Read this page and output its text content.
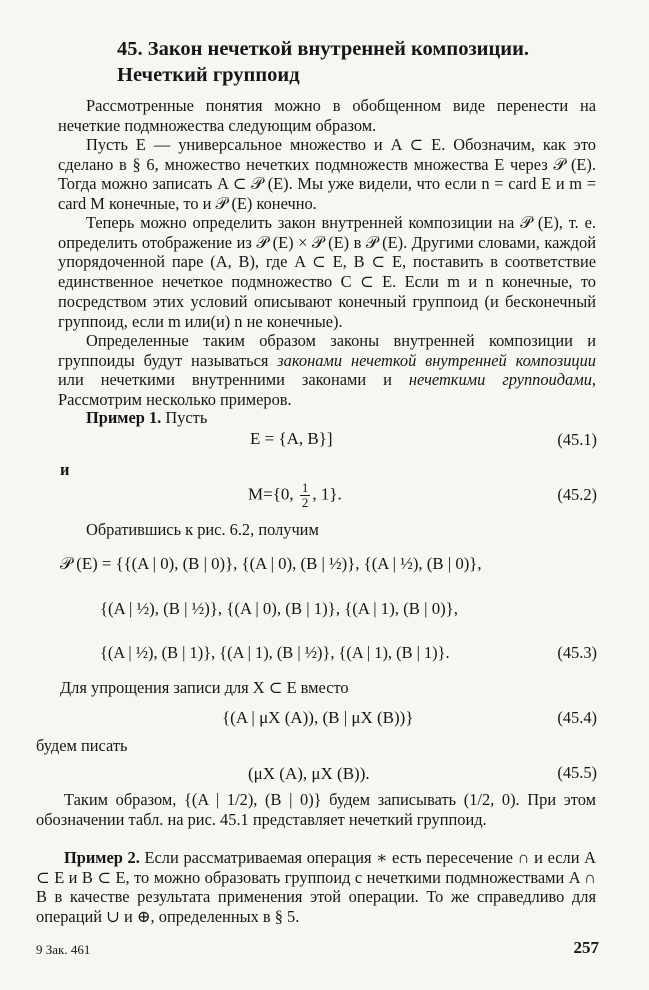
45. Закон нечеткой внутренней композиции.
Нечеткий группоид
Рассмотренные понятия можно в обобщенном виде перенести на нечеткие подмножества следующим образом.
Пусть E — универсальное множество и A ⊂ E. Обозначим, как это сделано в § 6, множество нечетких подмножеств множества E через 𝒫 (E). Тогда можно записать A ⊂ 𝒫 (E). Мы уже видели, что если n = card E и m = card M конечные, то и 𝒫 (E) конечно.
Теперь можно определить закон внутренней композиции на 𝒫 (E), т. е. определить отображение из 𝒫 (E) × 𝒫 (E) в 𝒫 (E). Другими словами, каждой упорядоченной паре (A, B), где A ⊂ E, B ⊂ E, поставить в соответствие единственное нечеткое подмножество C ⊂ E. Если m и n конечные, то посредством этих условий описывают конечный группоид (и бесконечный группоид, если m или(и) n не конечные).
Определенные таким образом законы внутренней композиции и группоиды будут называться законами нечеткой внутренней композиции или нечеткими внутренними законами и нечеткими группоидами, Рассмотрим несколько примеров.
Пример 1. Пусть
E = {A, B}]	(45.1)
и
M={0, $\frac{1}{2}$ , 1}.	(45.2)
Обратившись к рис. 6.2, получим
𝒫 (E) = {{(A | 0), (B | 0)}, {(A | 0), (B | ½)}, {(A | ½), (B | 0)},
{(A | ½), (B | ½)}, {(A | 0), (B | 1)}, {(A | 1), (B | 0)},
{(A | ½), (B | 1)}, {(A | 1), (B | ½)}, {(A | 1), (B | 1)}.	(45.3)
Для упрощения записи для X ⊂ E вместо
{(A | μX (A)), (B | μX (B))}	(45.4)
будем писать
(μX (A), μX (B)).	(45.5)
Таким образом, {(A | 1/2), (B | 0)} будем записывать (1/2, 0). При этом обозначении табл. на рис. 45.1 представляет нечеткий группоид.
Пример 2. Если рассматриваемая операция ∗ есть пересечение ∩ и если A ⊂ E и B ⊂ E, то можно образовать группоид с нечеткими подмножествами A ∩ B в качестве результата применения этой операции. То же справедливо для операций ∪ и ⊕, определенных в § 5.
9 Зак. 461	257
